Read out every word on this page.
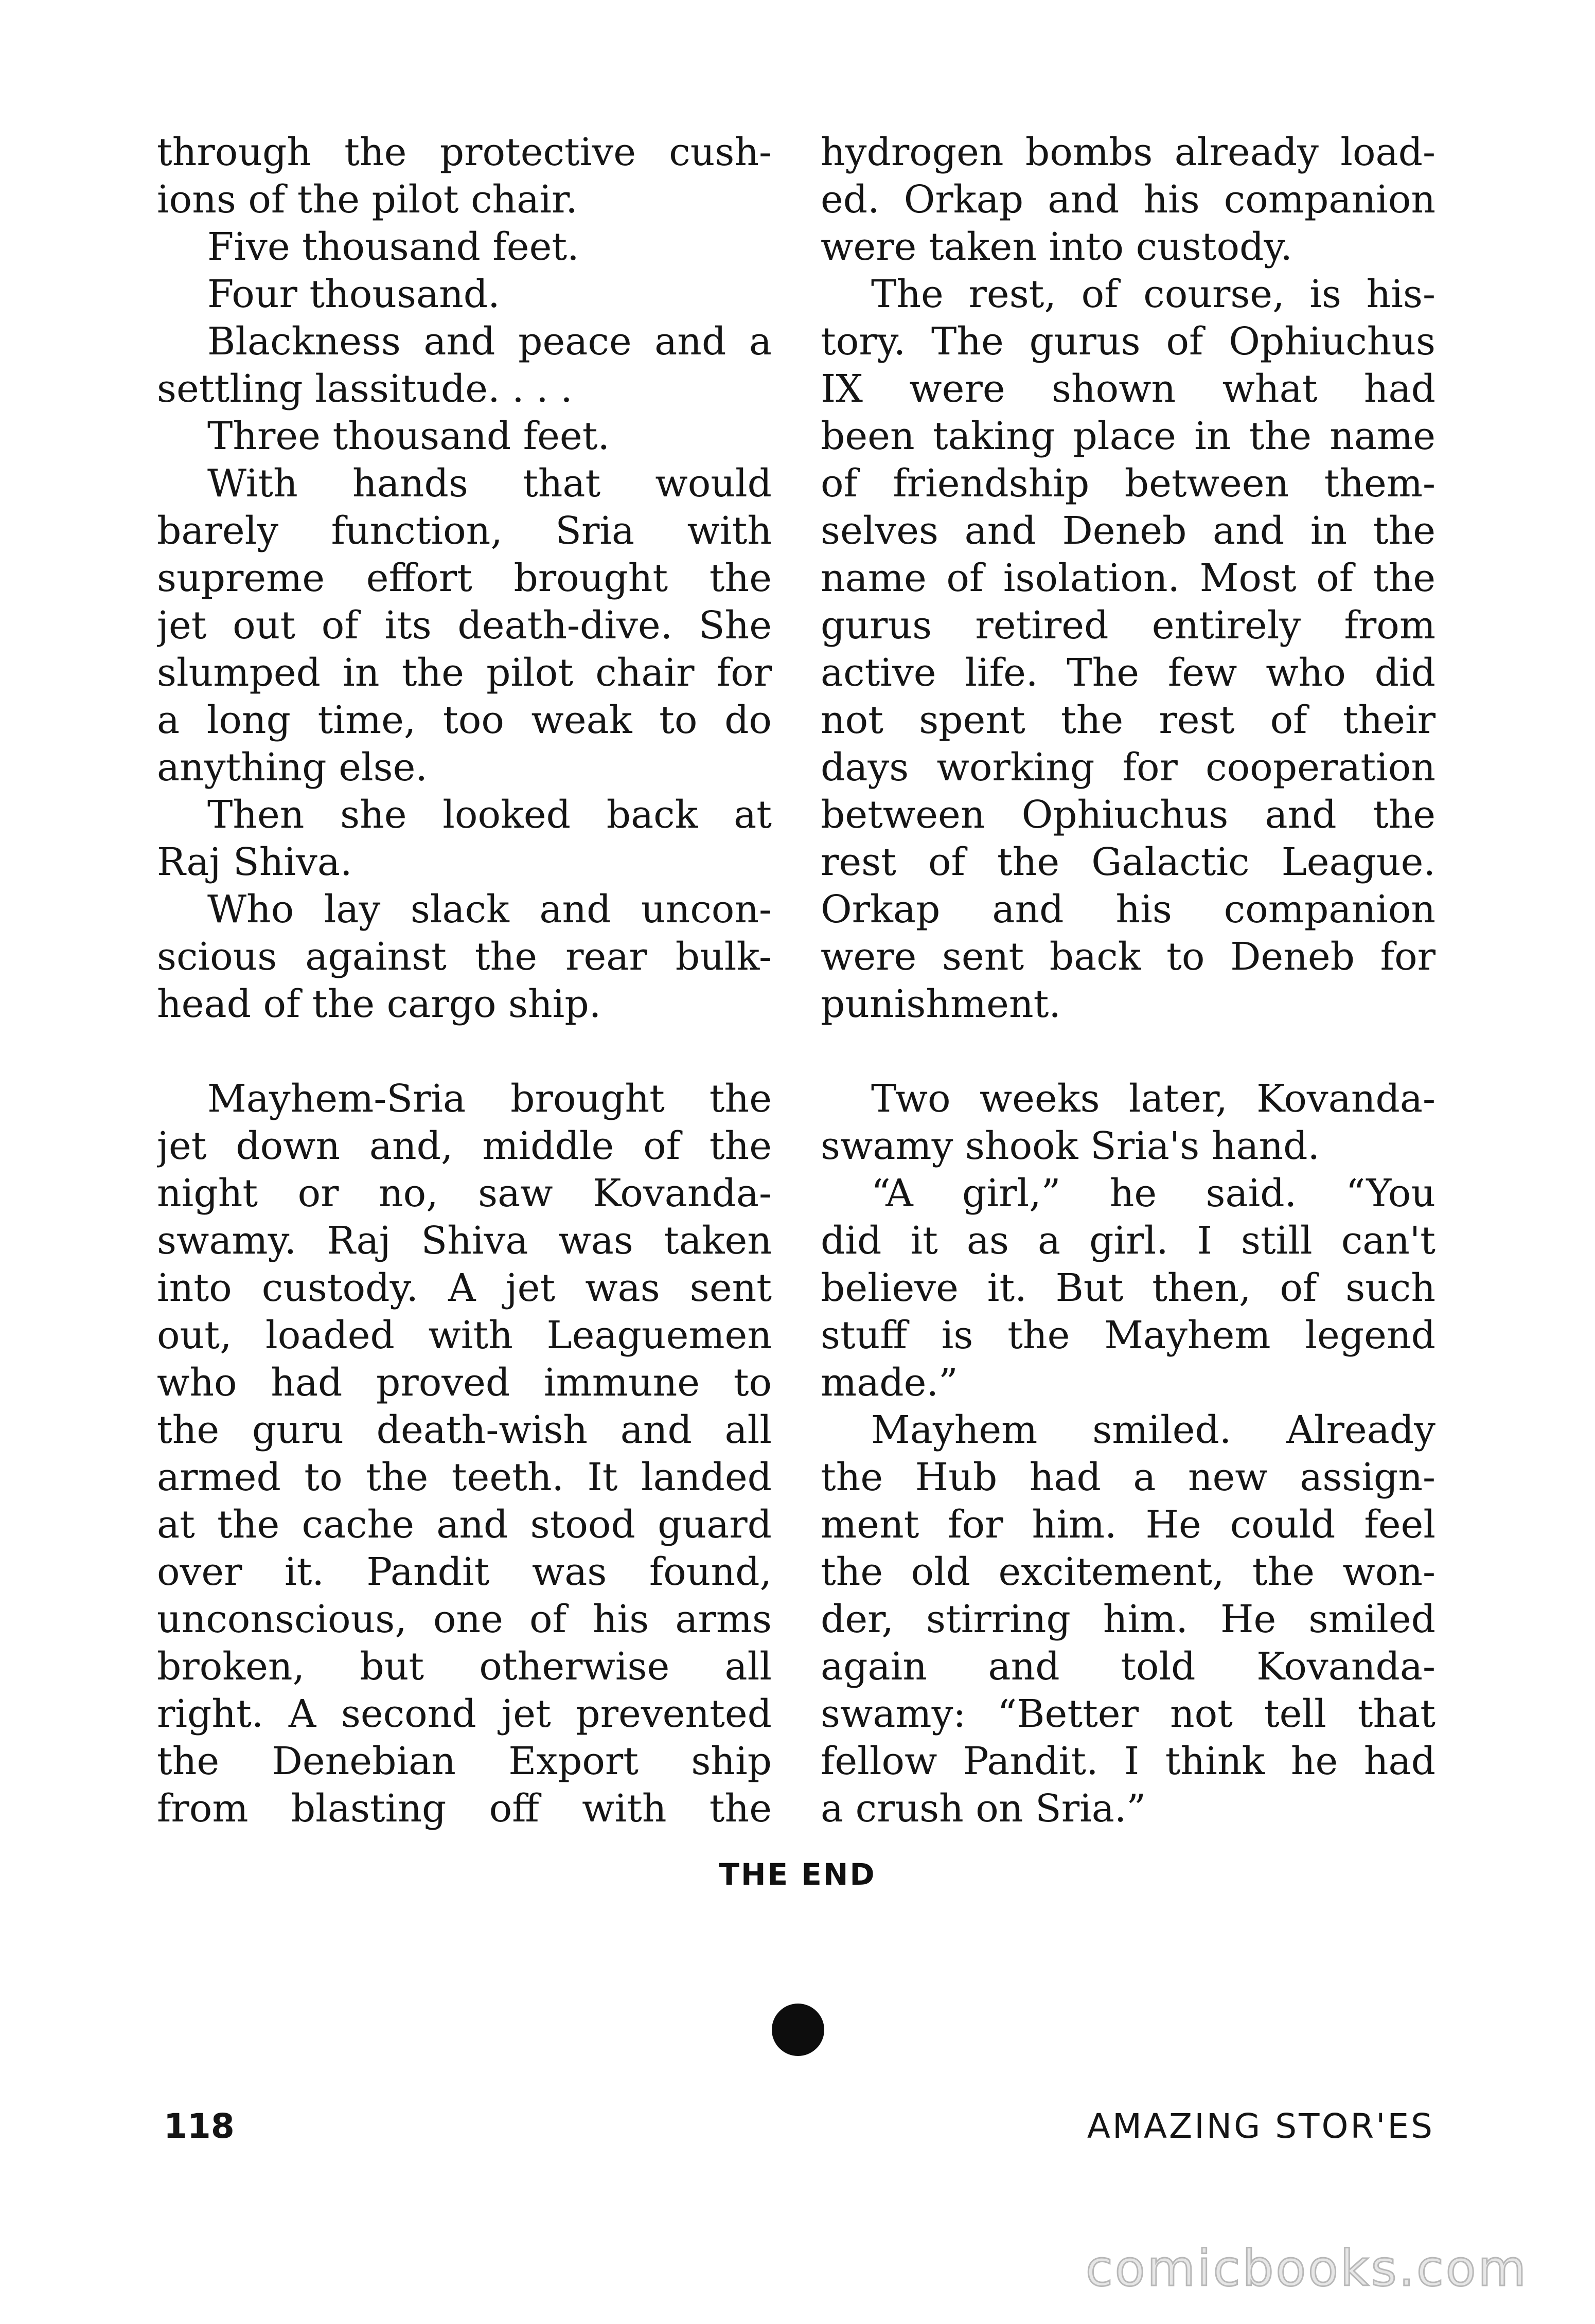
through the protective cush-
ions of the pilot chair.
Five thousand feet.
Four thousand.
Blackness and peace and a
settling lassitude. . . .
Three thousand feet.
With hands that would
barely function, Sria with
supreme effort brought the
jet out of its death-dive. She
slumped in the pilot chair for
a long time, too weak to do
anything else.
Then she looked back at
Raj Shiva.
Who lay slack and uncon-
scious against the rear bulk-
head of the cargo ship.
Mayhem-Sria brought the
jet down and, middle of the
night or no, saw Kovanda-
swamy. Raj Shiva was taken
into custody. A jet was sent
out, loaded with Leaguemen
who had proved immune to
the guru death-wish and all
armed to the teeth. It landed
at the cache and stood guard
over it. Pandit was found,
unconscious, one of his arms
broken, but otherwise all
right. A second jet prevented
the Denebian Export ship
from blasting off with the
hydrogen bombs already load-
ed. Orkap and his companion
were taken into custody.
The rest, of course, is his-
tory. The gurus of Ophiuchus
IX were shown what had
been taking place in the name
of friendship between them-
selves and Deneb and in the
name of isolation. Most of the
gurus retired entirely from
active life. The few who did
not spent the rest of their
days working for cooperation
between Ophiuchus and the
rest of the Galactic League.
Orkap and his companion
were sent back to Deneb for
punishment.
Two weeks later, Kovanda-
swamy shook Sria's hand.
“A girl,” he said. “You
did it as a girl. I still can't
believe it. But then, of such
stuff is the Mayhem legend
made.”
Mayhem smiled. Already
the Hub had a new assign-
ment for him. He could feel
the old excitement, the won-
der, stirring him. He smiled
again and told Kovanda-
swamy: “Better not tell that
fellow Pandit. I think he had
a crush on Sria.”
THE END
118	AMAZING STOR'ES
comicbooks.com
